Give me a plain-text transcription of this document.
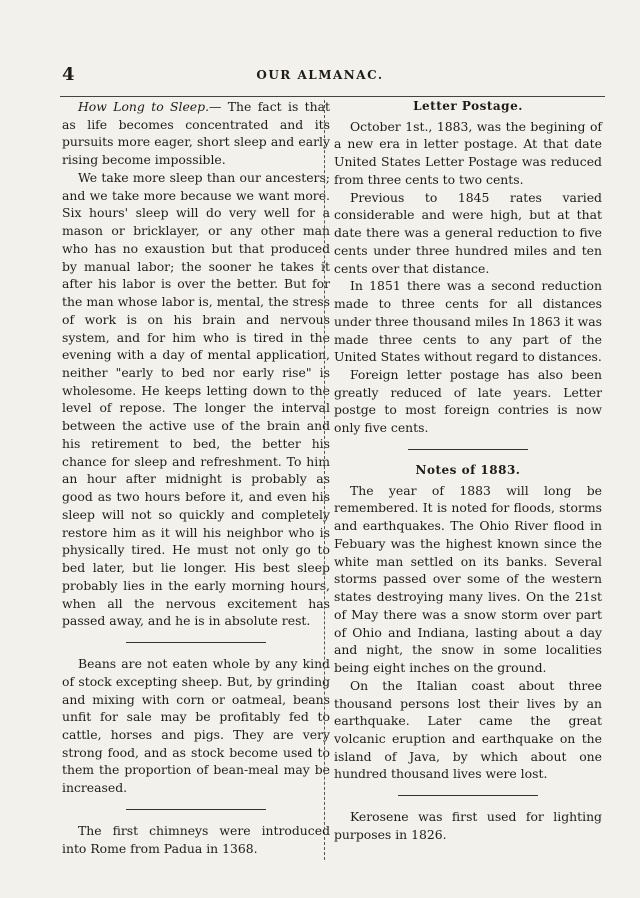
4	OUR ALMANAC.

How Long to Sleep.— The fact is that as life becomes concentrated and its pursuits more eager, short sleep and early rising become impossible.

We take more sleep than our ancesters; and we take more because we want more. Six hours' sleep will do very well for a mason or bricklayer, or any other man who has no exaustion but that produced by manual labor; the sooner he takes it after his labor is over the better. But for the man whose labor is, mental, the stress of work is on his brain and nervous system, and for him who is tired in the evening with a day of mental application, neither "early to bed nor early rise" is wholesome. He keeps letting down to the level of repose. The longer the interval between the active use of the brain and his retirement to bed, the better his chance for sleep and refreshment. To him an hour after midnight is probably as good as two hours before it, and even his sleep will not so quickly and completely restore him as it will his neighbor who is physically tired. He must not only go to bed later, but lie longer. His best sleep probably lies in the early morning hours, when all the nervous excitement has passed away, and he is in absolute rest.

Beans are not eaten whole by any kind of stock excepting sheep. But, by grinding and mixing with corn or oatmeal, beans unfit for sale may be profitably fed to cattle, horses and pigs. They are very strong food, and as stock become used to them the proportion of bean-meal may be increased.

The first chimneys were introduced into Rome from Padua in 1368.

Letter Postage.

October 1st., 1883, was the begining of a new era in letter postage. At that date United States Letter Postage was reduced from three cents to two cents.

Previous to 1845 rates varied considerable and were high, but at that date there was a general reduction to five cents under three hundred miles and ten cents over that distance.

In 1851 there was a second reduction made to three cents for all distances under three thousand miles In 1863 it was made three cents to any part of the United States without regard to distances.

Foreign letter postage has also been greatly reduced of late years. Letter postge to most foreign contries is now only five cents.

Notes of 1883.

The year of 1883 will long be remembered. It is noted for floods, storms and earthquakes. The Ohio River flood in Febuary was the highest known since the white man settled on its banks. Several storms passed over some of the western states destroying many lives. On the 21st of May there was a snow storm over part of Ohio and Indiana, lasting about a day and night, the snow in some localities being eight inches on the ground.

On the Italian coast about three thousand persons lost their lives by an earthquake. Later came the great volcanic eruption and earthquake on the island of Java, by which about one hundred thousand lives were lost.

Kerosene was first used for lighting purposes in 1826.
